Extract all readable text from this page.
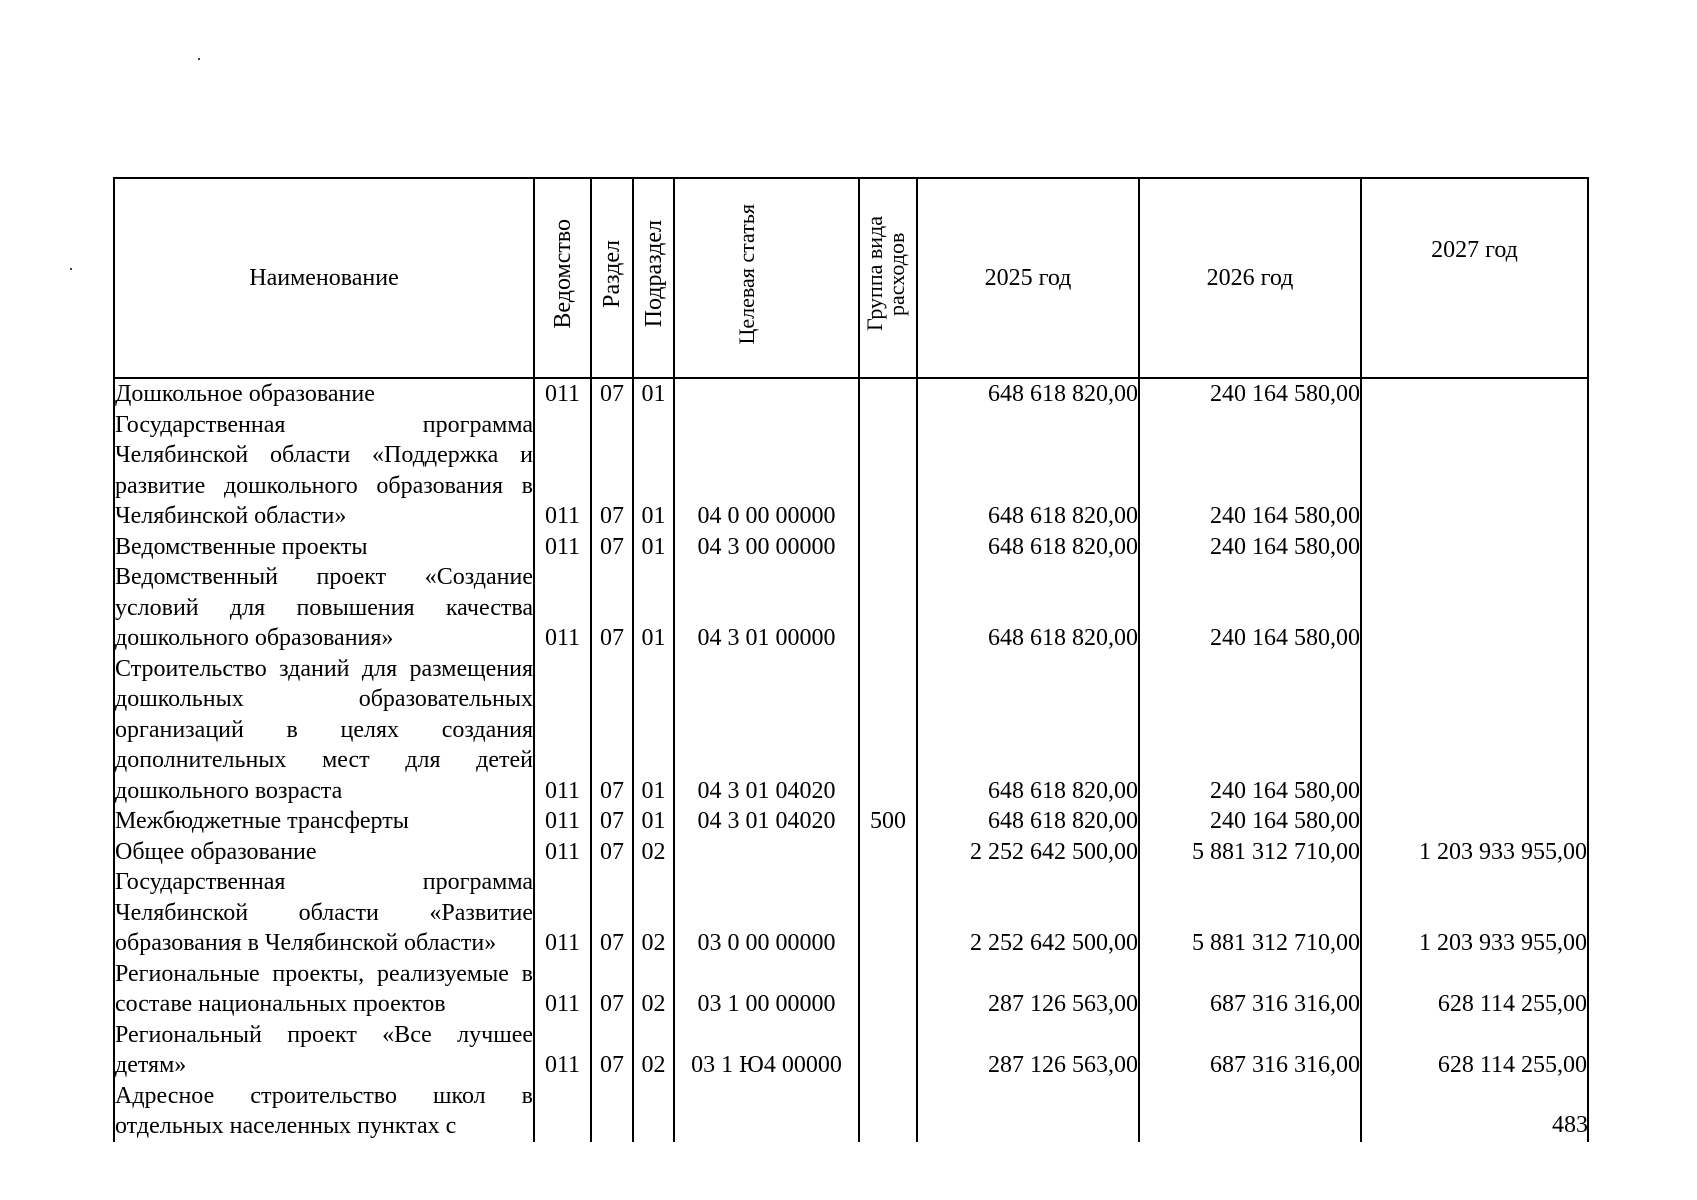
Наименование	Ведомство	Раздел	Подраздел	Целевая статья	Группа вида расходов	2025 год	2026 год	2027 год
Дошкольное образование	011	07	01			648 618 820,00	240 164 580,00	
Государственная программа Челябинской области «Поддержка и развитие дошкольного образования в Челябинской области»	011	07	01	04 0 00 00000		648 618 820,00	240 164 580,00	
Ведомственные проекты	011	07	01	04 3 00 00000		648 618 820,00	240 164 580,00	
Ведомственный проект «Создание условий для повышения качества дошкольного образования»	011	07	01	04 3 01 00000		648 618 820,00	240 164 580,00	
Строительство зданий для размещения дошкольных образовательных организаций в целях создания дополнительных мест для детей дошкольного возраста	011	07	01	04 3 01 04020		648 618 820,00	240 164 580,00	
Межбюджетные трансферты	011	07	01	04 3 01 04020	500	648 618 820,00	240 164 580,00	
Общее образование	011	07	02			2 252 642 500,00	5 881 312 710,00	1 203 933 955,00
Государственная программа Челябинской области «Развитие образования в Челябинской области»	011	07	02	03 0 00 00000		2 252 642 500,00	5 881 312 710,00	1 203 933 955,00
Региональные проекты, реализуемые в составе национальных проектов	011	07	02	03 1 00 00000		287 126 563,00	687 316 316,00	628 114 255,00
Региональный проект «Все лучшее детям»	011	07	02	03 1 Ю4 00000		287 126 563,00	687 316 316,00	628 114 255,00
Адресное строительство школ в отдельных населенных пунктах с									483
